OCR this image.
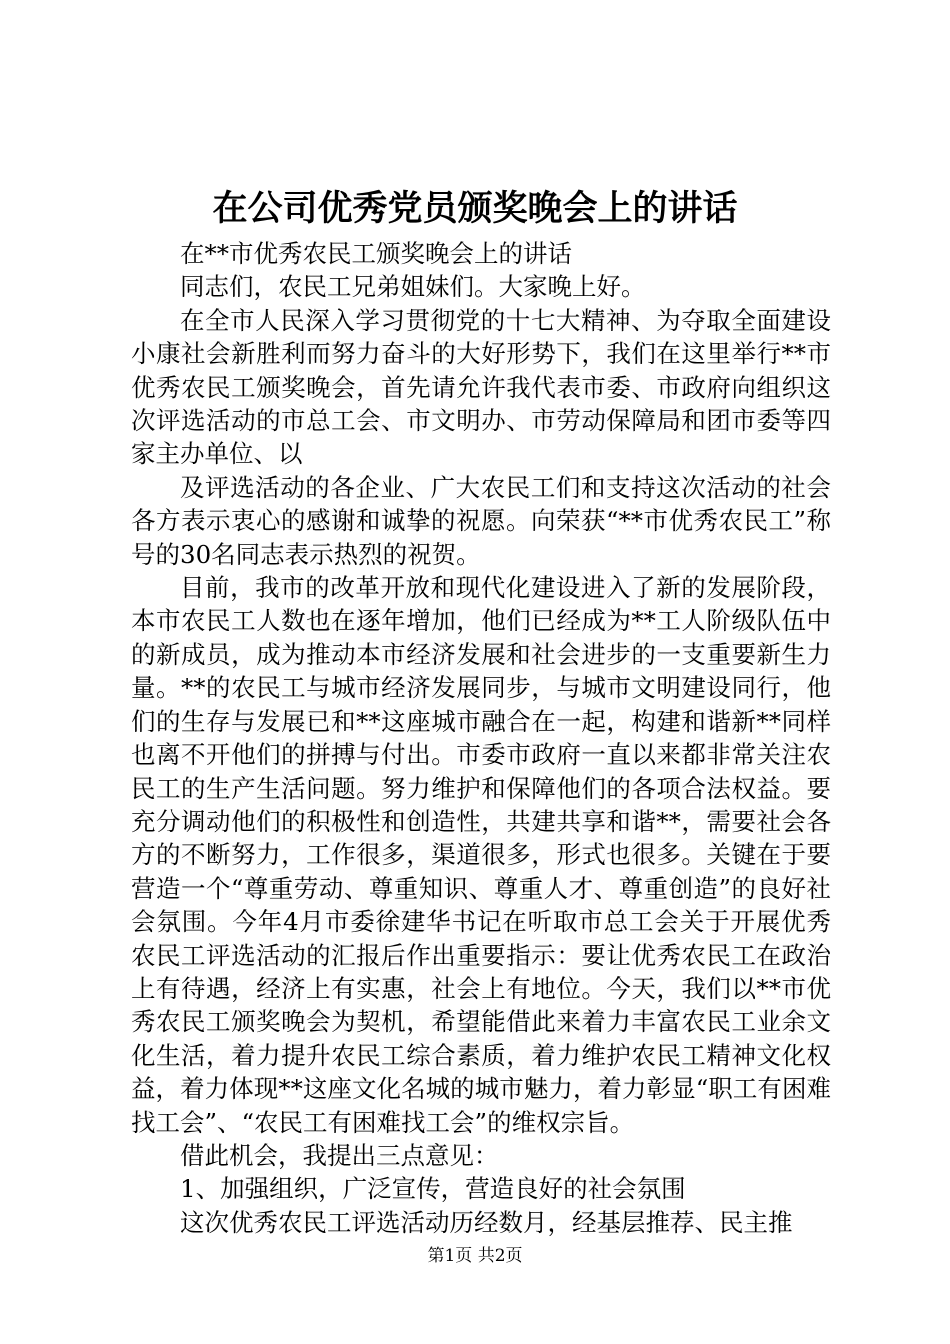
在公司优秀党员颁奖晚会上的讲话

在**市优秀农民工颁奖晚会上的讲话

同志们，农民工兄弟姐妹们。大家晚上好。

在全市人民深入学习贯彻党的十七大精神、为夺取全面建设小康社会新胜利而努力奋斗的大好形势下，我们在这里举行**市优秀农民工颁奖晚会，首先请允许我代表市委、市政府向组织这次评选活动的市总工会、市文明办、市劳动保障局和团市委等四家主办单位、以

及评选活动的各企业、广大农民工们和支持这次活动的社会各方表示衷心的感谢和诚挚的祝愿。向荣获“**市优秀农民工”称号的30名同志表示热烈的祝贺。

目前，我市的改革开放和现代化建设进入了新的发展阶段，本市农民工人数也在逐年增加，他们已经成为**工人阶级队伍中的新成员，成为推动本市经济发展和社会进步的一支重要新生力量。**的农民工与城市经济发展同步，与城市文明建设同行，他们的生存与发展已和**这座城市融合在一起，构建和谐新**同样也离不开他们的拼搏与付出。市委市政府一直以来都非常关注农民工的生产生活问题。努力维护和保障他们的各项合法权益。要充分调动他们的积极性和创造性，共建共享和谐**，需要社会各方的不断努力，工作很多，渠道很多，形式也很多。关键在于要营造一个“尊重劳动、尊重知识、尊重人才、尊重创造”的良好社会氛围。今年4月市委徐建华书记在听取市总工会关于开展优秀农民工评选活动的汇报后作出重要指示：要让优秀农民工在政治上有待遇，经济上有实惠，社会上有地位。今天，我们以**市优秀农民工颁奖晚会为契机，希望能借此来着力丰富农民工业余文化生活，着力提升农民工综合素质，着力维护农民工精神文化权益，着力体现**这座文化名城的城市魅力，着力彰显“职工有困难找工会”、“农民工有困难找工会”的维权宗旨。

借此机会，我提出三点意见：

1、加强组织，广泛宣传，营造良好的社会氛围

这次优秀农民工评选活动历经数月，经基层推荐、民主推

第1页 共2页
